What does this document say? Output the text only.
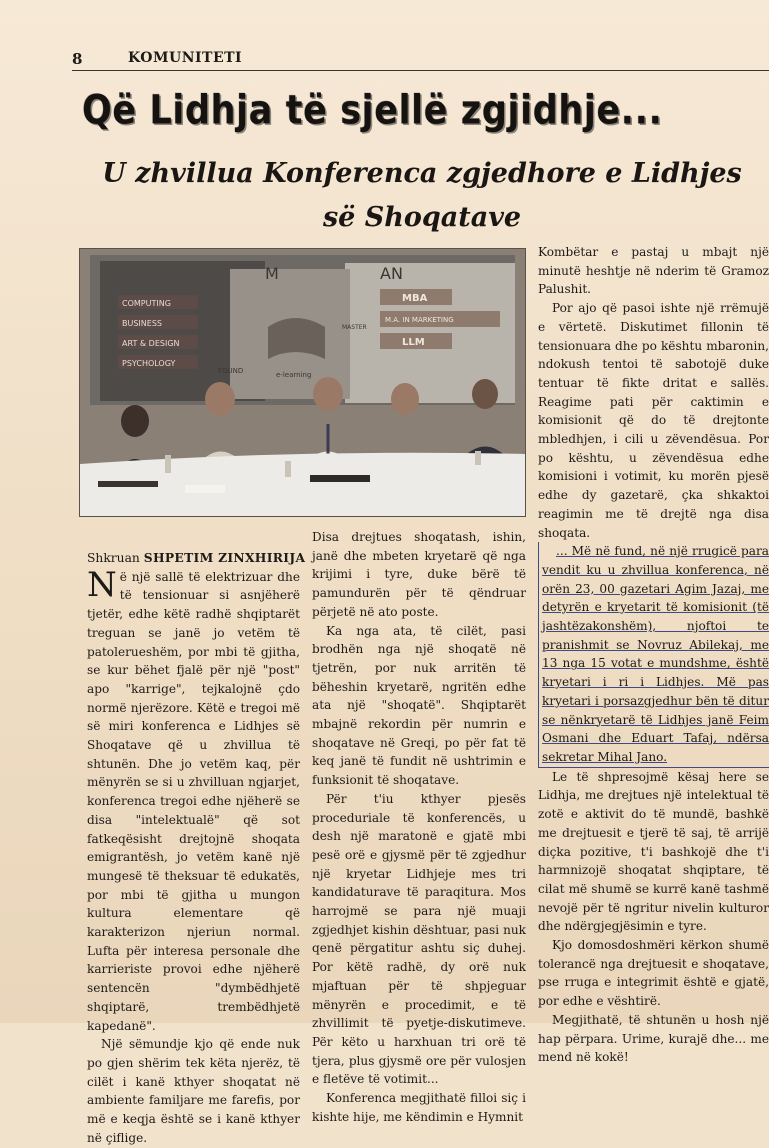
8	KOMUNITETI
Që Lidhja të sjellë zgjidhje...
U zhvillua Konferenca zgjedhore e Lidhjes
së Shoqatave
COMPUTING
BUSINESS
ART & DESIGN
PSYCHOLOGY
M	AN
MASTER
FOUND	e-learning
MBA
M.A. IN MARKETING
LLM

Shkruan SHPETIM ZINXHIRIJA

Në një sallë të elektrizuar dhe të tensionuar si asnjëherë tjetër, edhe këtë radhë shqiptarët treguan se janë jo vetëm të patolerueshëm, por mbi të gjitha, se kur bëhet fjalë për një "post" apo "karrige", tejkalojnë çdo normë njerëzore. Këtë e tregoi më së miri konferenca e Lidhjes së Shoqatave që u zhvillua të shtunën. Dhe jo vetëm kaq, për mënyrën se si u zhvilluan ngjarjet, konferenca tregoi edhe njëherë se disa "intelektualë" që sot fatkeqësisht drejtojnë shoqata emigrantësh, jo vetëm kanë një mungesë të theksuar të edukatës, por mbi të gjitha u mungon kultura elementare që karakterizon njeriun normal. Lufta për interesa personale dhe karrieriste provoi edhe njëherë sentencën "dymbëdhjetë shqiptarë, trembëdhjetë kapedanë".

Një sëmundje kjo që ende nuk po gjen shërim tek këta njerëz, të cilët i kanë kthyer shoqatat në ambiente familjare me farefis, por më e keqja është se i kanë kthyer në çiflige.

Disa drejtues shoqatash, ishin, janë dhe mbeten kryetarë që nga krijimi i tyre, duke bërë të pamundurën për të qëndruar përjetë në ato poste.

Ka nga ata, të cilët, pasi brodhën nga një shoqatë në tjetrën, por nuk arritën të bëheshin kryetarë, ngritën edhe ata një "shoqatë". Shqiptarët mbajnë rekordin për numrin e shoqatave në Greqi, po për fat të keq janë të fundit në ushtrimin e funksionit të shoqatave.

Për t'iu kthyer pjesës proceduriale të konferencës, u desh një maratonë e gjatë mbi pesë orë e gjysmë për të zgjedhur një kryetar Lidhjeje mes tri kandidaturave të paraqitura. Mos harrojmë se para një muaji zgjedhjet kishin dështuar, pasi nuk qenë përgatitur ashtu siç duhej. Por këtë radhë, dy orë nuk mjaftuan për të shpjeguar mënyrën e procedimit, e të zhvillimit të pyetje-diskutimeve. Për këto u harxhuan tri orë të tjera, plus gjysmë ore për vulosjen e fletëve të votimit...

Konferenca megjithatë filloi siç i kishte hije, me këndimin e Hymnit

Kombëtar e pastaj u mbajt një minutë heshtje në nderim të Gramoz Palushit.

Por ajo që pasoi ishte një rrëmujë e vërtetë. Diskutimet fillonin të tensionuara dhe po kështu mbaronin, ndokush tentoi të sabotojë duke tentuar të fikte dritat e sallës. Reagime pati për caktimin e komisionit që do të drejtonte mbledhjen, i cili u zëvendësua. Por po kështu, u zëvendësua edhe komisioni i votimit, ku morën pjesë edhe dy gazetarë, çka shkaktoi reagimin me të drejtë nga disa shoqata.

... Më në fund, në një rrugicë para vendit ku u zhvillua konferenca, në orën 23, 00 gazetari Agim Jazaj, me detyrën e kryetarit të komisionit (të jashtëzakonshëm), njoftoi te pranishmit se Novruz Abilekaj, me 13 nga 15 votat e mundshme, është kryetari i ri i Lidhjes. Më pas kryetari i porsazgjedhur bën të ditur se nënkryetarë të Lidhjes janë Feim Osmani dhe Eduart Tafaj, ndërsa sekretar Mihal Jano.

Le të shpresojmë kësaj here se Lidhja, me drejtues një intelektual të zotë e aktivit do të mundë, bashkë me drejtuesit e tjerë të saj, të arrijë diçka pozitive, t'i bashkojë dhe t'i harmnizojë shoqatat shqiptare, të cilat më shumë se kurrë kanë tashmë nevojë për të ngritur nivelin kulturor dhe ndërgjegjësimin e tyre.

Kjo domosdoshmëri kërkon shumë tolerancë nga drejtuesit e shoqatave, pse rruga e integrimit është e gjatë, por edhe e vështirë.

Megjithatë, të shtunën u hosh një hap përpara. Urime, kurajë dhe... me mend në kokë!
